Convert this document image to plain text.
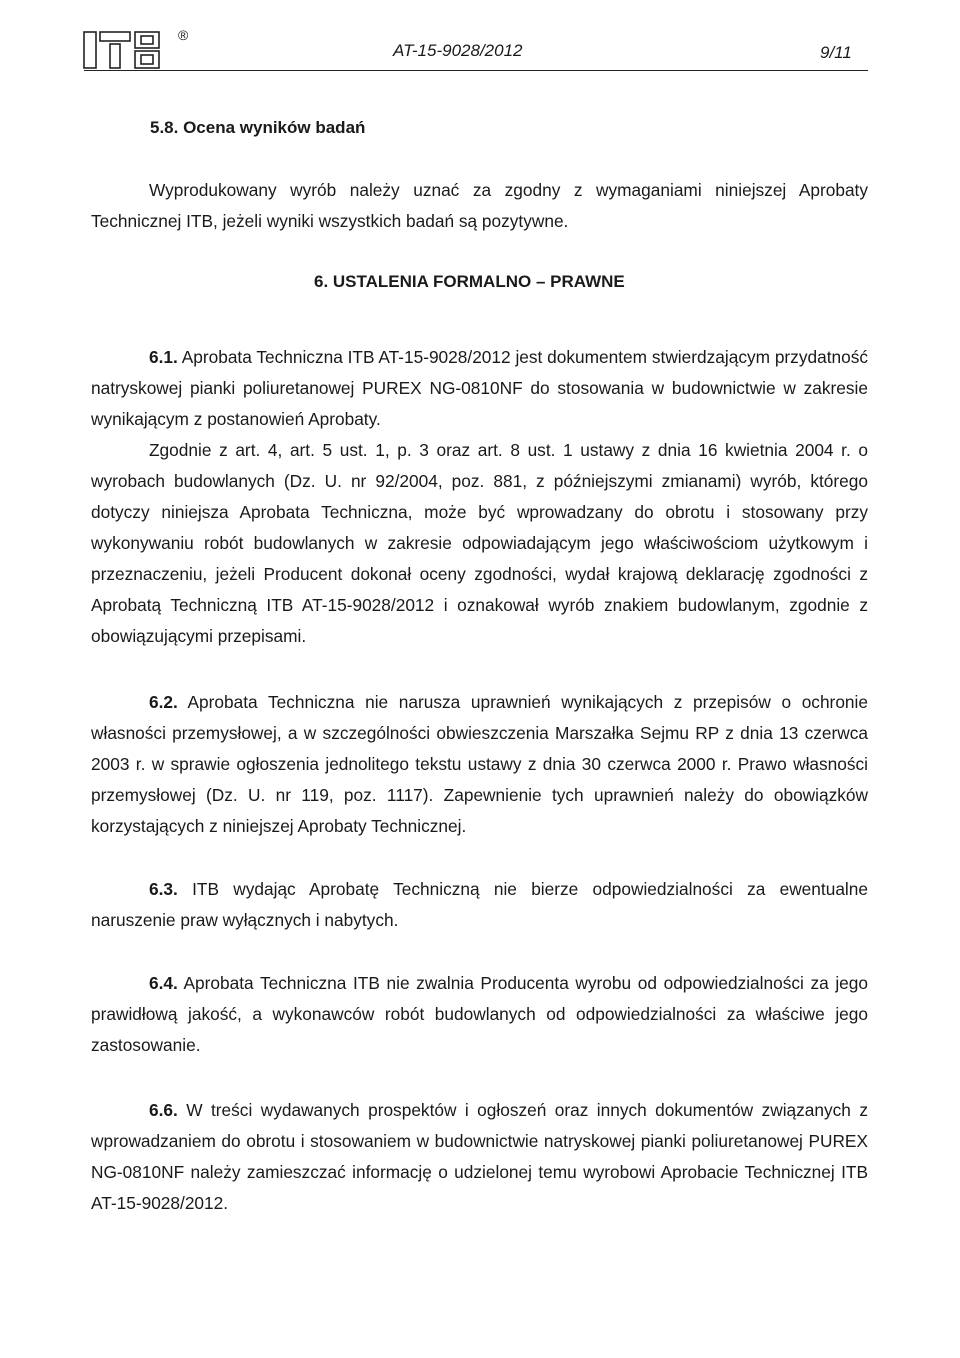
®
AT-15-9028/2012	9/11
5.8. Ocena wyników badań

Wyprodukowany wyrób należy uznać za zgodny z wymaganiami niniejszej Aprobaty Technicznej ITB, jeżeli wyniki wszystkich badań są pozytywne.

6. USTALENIA FORMALNO – PRAWNE

6.1. Aprobata Techniczna ITB AT-15-9028/2012 jest dokumentem stwierdzającym przydatność natryskowej pianki poliuretanowej PUREX NG-0810NF do stosowania w budownictwie w zakresie wynikającym z postanowień Aprobaty.

Zgodnie z art. 4, art. 5 ust. 1, p. 3 oraz art. 8 ust. 1 ustawy z dnia 16 kwietnia 2004 r. o wyrobach budowlanych (Dz. U. nr 92/2004, poz. 881, z późniejszymi zmianami) wyrób, którego dotyczy niniejsza Aprobata Techniczna, może być wprowadzany do obrotu i stosowany przy wykonywaniu robót budowlanych w zakresie odpowiadającym jego właściwościom użytkowym i przeznaczeniu, jeżeli Producent dokonał oceny zgodności, wydał krajową deklarację zgodności z Aprobatą Techniczną ITB AT-15-9028/2012 i oznakował wyrób znakiem budowlanym, zgodnie z obowiązującymi przepisami.

6.2. Aprobata Techniczna nie narusza uprawnień wynikających z przepisów o ochronie własności przemysłowej, a w szczególności obwieszczenia Marszałka Sejmu RP z dnia 13 czerwca 2003 r. w sprawie ogłoszenia jednolitego tekstu ustawy z dnia 30 czerwca 2000 r. Prawo własności przemysłowej (Dz. U. nr 119, poz. 1117). Zapewnienie tych uprawnień należy do obowiązków korzystających z niniejszej Aprobaty Technicznej.

6.3. ITB wydając Aprobatę Techniczną nie bierze odpowiedzialności za ewentualne naruszenie praw wyłącznych i nabytych.

6.4. Aprobata Techniczna ITB nie zwalnia Producenta wyrobu od odpowiedzialności za jego prawidłową jakość, a wykonawców robót budowlanych od odpowiedzialności za właściwe jego zastosowanie.

6.6. W treści wydawanych prospektów i ogłoszeń oraz innych dokumentów związanych z wprowadzaniem do obrotu i stosowaniem w budownictwie natryskowej pianki poliuretanowej PUREX NG-0810NF należy zamieszczać informację o udzielonej temu wyrobowi Aprobacie Technicznej ITB AT-15-9028/2012.
